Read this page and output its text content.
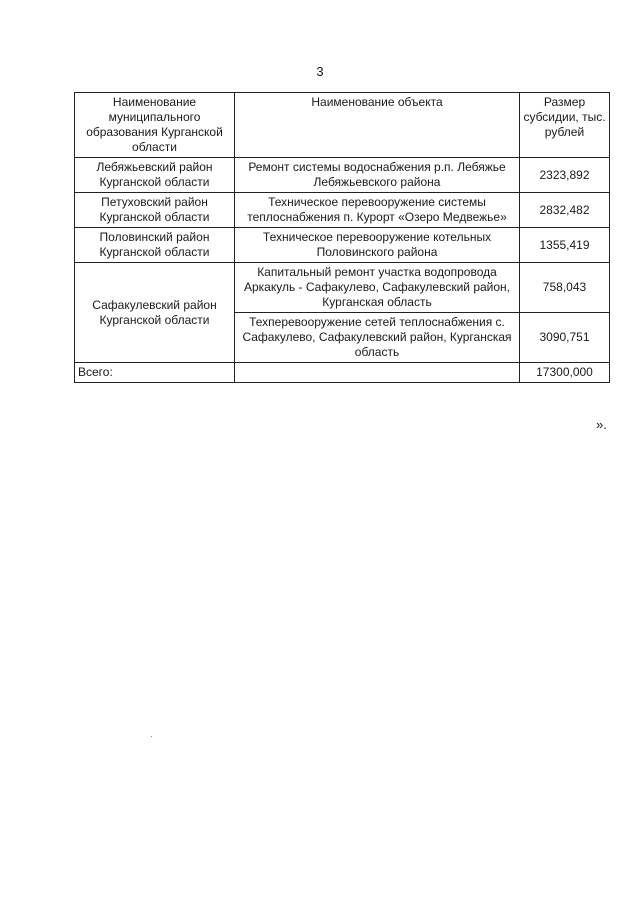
3
Наименование муниципального образования Курганской области	Наименование объекта	Размер субсидии, тыс. рублей
Лебяжьевский район Курганской области	Ремонт системы водоснабжения р.п. Лебяжье Лебяжьевского района	2323,892
Петуховский район Курганской области	Техническое перевооружение системы теплоснабжения п. Курорт «Озеро Медвежье»	2832,482
Половинский район Курганской области	Техническое перевооружение котельных Половинского района	1355,419
Сафакулевский район Курганской области	Капитальный ремонт участка водопровода Аркакуль - Сафакулево, Сафакулевский район, Курганская область	758,043
	Техперевооружение сетей теплоснабжения с. Сафакулево, Сафакулевский район, Курганская область	3090,751
Всего:		17300,000
».
